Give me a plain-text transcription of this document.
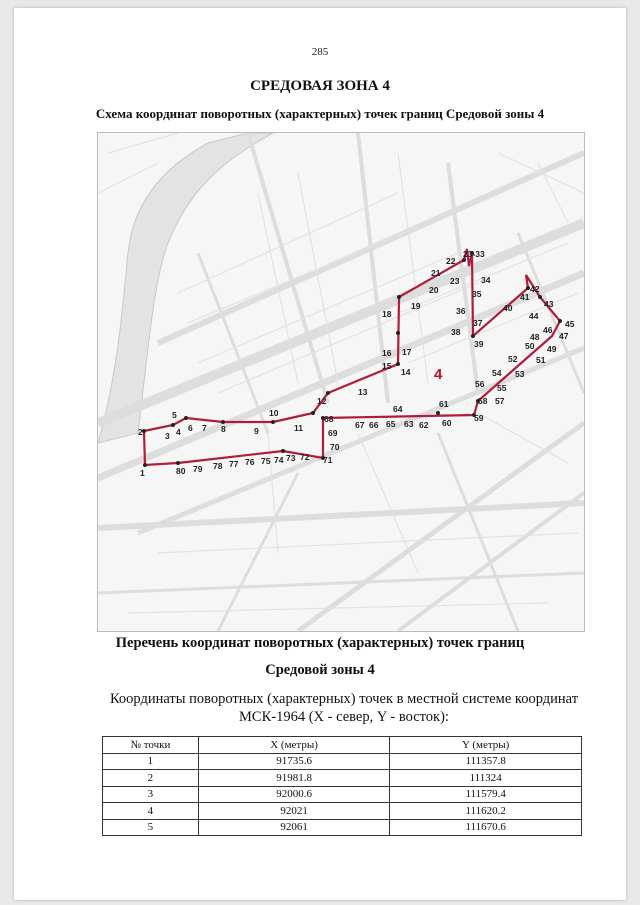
285
СРЕДОВАЯ ЗОНА 4
Схема координат поворотных (характерных) точек границ Средовой зоны 4
4
1
2	3 4
5
6 7 8	9
10
11
12
13
14
15
16 17
18
19
20
21
22
23
23-33
34
35
36
37
38
39
40
41
42
43
44
45
46
47
48
49
50
51
52
53
54
55
56
57
58
59
60
61
62
63
64
65
66
67
68
69
70
71
72
73
74
75
76
77
78
79
80
Перечень координат поворотных (характерных) точек границ
Средовой зоны 4
Координаты поворотных (характерных) точек в местной системе координат
МСК-1964 (X - север, Y - восток):
№ точки	X (метры)	Y (метры)
1	91735.6	111357.8
2	91981.8	111324
3	92000.6	111579.4
4	92021	111620.2
5	92061	111670.6
